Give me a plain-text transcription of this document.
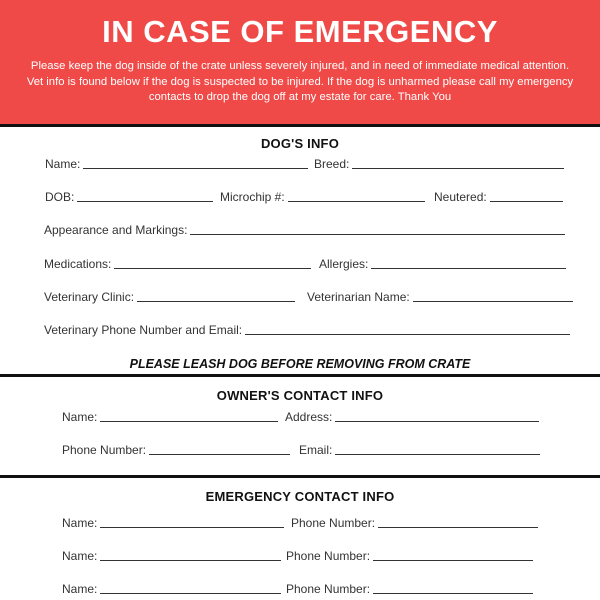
IN CASE OF EMERGENCY

Please keep the dog inside of the crate unless severely injured, and in need of immediate medical attention. Vet info is found below if the dog is suspected to be injured. If the dog is unharmed please call my emergency contacts to drop the dog off at my estate for care. Thank You

DOG'S INFO
Name:	Breed:
DOB:	Microchip #:	Neutered:
Appearance and Markings:
Medications:	Allergies:
Veterinary Clinic:	Veterinarian Name:
Veterinary Phone Number and Email:
PLEASE LEASH DOG BEFORE REMOVING FROM CRATE
OWNER'S CONTACT INFO
Name:	Address:
Phone Number:	Email:
EMERGENCY CONTACT INFO
Name:	Phone Number:
Name:	Phone Number:
Name:	Phone Number:
